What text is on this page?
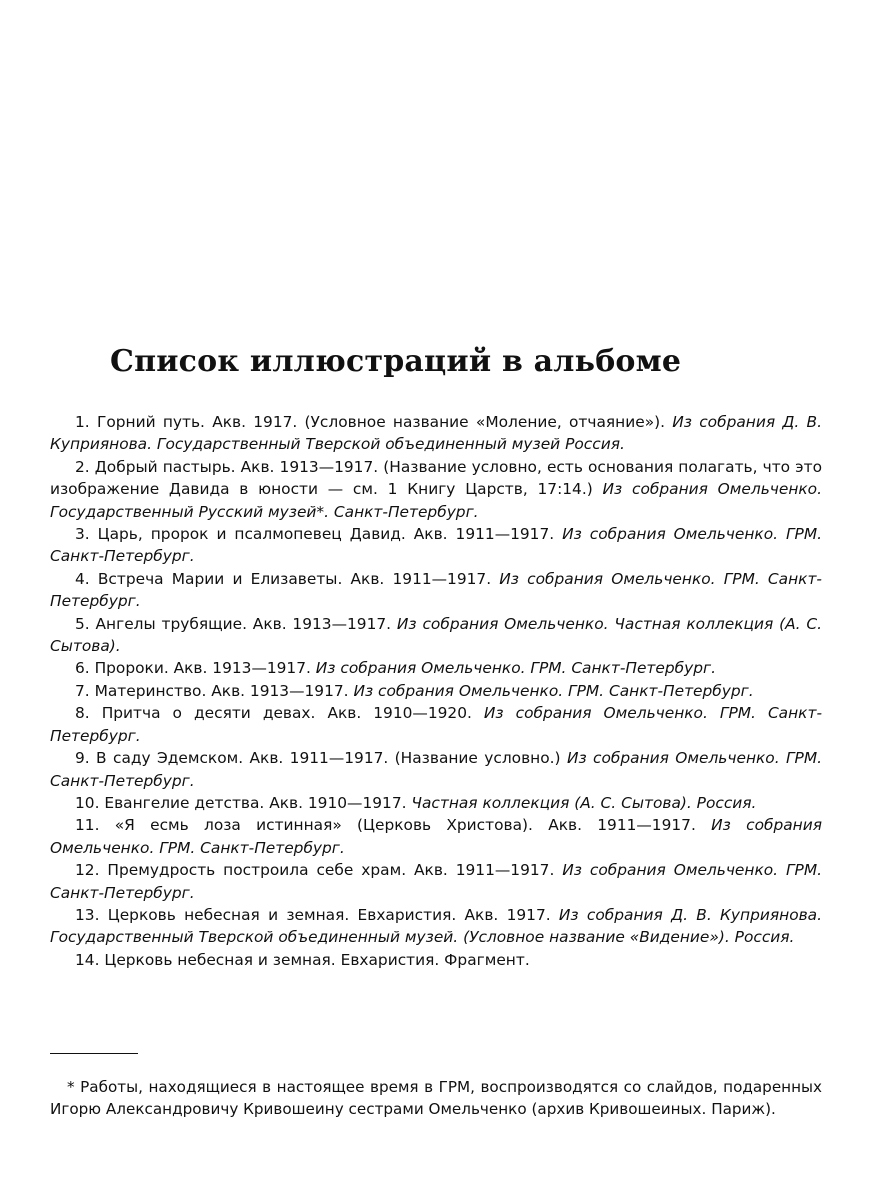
Список иллюстраций в альбоме

1. Горний путь. Акв. 1917. (Условное название «Моление, отчаяние»). Из собрания Д. В. Куприянова. Государственный Тверской объединенный музей Россия.

2. Добрый пастырь. Акв. 1913—1917. (Название условно, есть основания полагать, что это изображение Давида в юности — см. 1 Книгу Царств, 17:14.) Из собрания Омельченко. Государственный Русский музей*. Санкт-Петербург.

3. Царь, пророк и псалмопевец Давид. Акв. 1911—1917. Из собрания Омельченко. ГРМ. Санкт-Петербург.

4. Встреча Марии и Елизаветы. Акв. 1911—1917. Из собрания Омельченко. ГРМ. Санкт-Петербург.

5. Ангелы трубящие. Акв. 1913—1917. Из собрания Омельченко. Частная коллекция (А. С. Сытова).

6. Пророки. Акв. 1913—1917. Из собрания Омельченко. ГРМ. Санкт-Петербург.

7. Материнство. Акв. 1913—1917. Из собрания Омельченко. ГРМ. Санкт-Петербург.

8. Притча о десяти девах. Акв. 1910—1920. Из собрания Омельченко. ГРМ. Санкт-Петербург.

9. В саду Эдемском. Акв. 1911—1917. (Название условно.) Из собрания Омельченко. ГРМ. Санкт-Петербург.

10. Евангелие детства. Акв. 1910—1917. Частная коллекция (А. С. Сытова). Россия.

11. «Я есмь лоза истинная» (Церковь Христова). Акв. 1911—1917. Из собрания Омельченко. ГРМ. Санкт-Петербург.

12. Премудрость построила себе храм. Акв. 1911—1917. Из собрания Омельченко. ГРМ. Санкт-Петербург.

13. Церковь небесная и земная. Евхаристия. Акв. 1917. Из собрания Д. В. Куприянова. Государственный Тверской объединенный музей. (Условное название «Видение»). Россия.

14. Церковь небесная и земная. Евхаристия. Фрагмент.

* Работы, находящиеся в настоящее время в ГРМ, воспроизводятся со слайдов, подаренных Игорю Александровичу Кривошеину сестрами Омельченко (архив Кривошеиных. Париж).
